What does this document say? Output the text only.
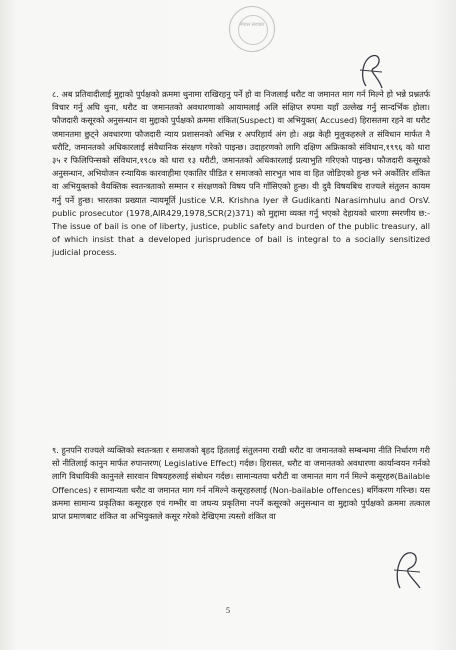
नेपाल सरकार
८. अब प्रतिवादीलाई मुद्दाको पुर्पक्षको क्रममा थुनामा राखिरहनु पर्ने हो वा निजलाई धरौट वा जमानत माग गर्न मिल्ने हो भन्ने प्रश्नतर्फ विचार गर्नु अघि थुना, धरौट वा जमानतको अवधारणाको आयामलाई अलि संक्षिप्त रुपमा यहाँ उल्लेख गर्नु सान्दर्भिक होला। फौजदारी कसूरको अनुसन्धान वा मुद्दाको पुर्पक्षको क्रममा शंकित(Suspect) वा अभियुक्त( Accused) हिरासतमा रहने वा धरौट जमानतमा छुट्ने अवधारणा फौजदारी न्याय प्रशासनको अभिन्न र अपरिहार्य अंग हो। अझ केही मुलुकहरुले त संविधान मार्फत नै धरौटि, जमानतको अधिकारलाई संवैधानिक संरक्षण गरेको पाइन्छ। उदाहरणको लागि दक्षिण अफ्रिकाको संविधान,१९९६ को धारा ३५ र फिलिपिन्सको संविधान,१९८७ को धारा १३ धरौटी, जमानतको अधिकारलाई प्रत्याभुति गरिएको पाइन्छ। फौजदारी कसूरको अनुसन्धान, अभियोजन रन्यायिक कारवाहीमा एकातिर पीडित र समाजको सारभुत भाव वा हित जोडिएको हुन्छ भने अर्कोतिर शंकित वा अभियुक्तको वैयक्तिक स्वतन्त्रताको सम्मान र संरक्षणको विषय पनि गाँसिएको हुन्छ। यी दुवै विषयबिच राज्यले संतुलन कायम गर्नु पर्ने हुन्छ। भारतका प्रख्यात न्यायमूर्ति Justice V.R. Krishna Iyer ले Gudikanti Narasimhulu and OrsV. public prosecutor (1978,AIR429,1978,SCR(2)371) को मुद्दामा व्यक्त गर्नु भएको देहायको धारणा स्मरणीय छ:-The issue of bail is one of liberty, justice, public safety and burden of the public treasury, all of which insist that a developed jurisprudence of bail is integral to a socially sensitized judicial process.
९. हुनपनि राज्यले व्यक्तिको स्वतन्त्रता र समाजको बृहद हितलाई संतुलनमा राखी धरौट वा जमानतको सम्बन्धमा नीति निर्धारण गरी सो नीतिलाई कानुन मार्फत रुपान्तरण( Legislative Effect) गर्दछ। हिरासत, धरौट वा जमानतको अवधारणा कार्यान्वयन गर्नको लागि विधायिकी कानुनले सारवान विषयहरुलाई संबोधन गर्दछ। सामान्यतया धरौटी वा जमानत माग गर्न मिल्ने कसूरहरु(Bailable Offences) र सामान्यता धरौट वा जमानत माग गर्न नमिल्ने कसूरहरुलाई (Non-bailable offences) बर्गिकरण गरिन्छ। यस क्रममा सामान्य प्रकृतिका कसूरहरु एवं गम्भीर वा जघन्य प्रकृतिमा नपर्ने कसूरको अनुसन्धान वा मुद्दाको पुर्पक्षको क्रममा तत्काल प्राप्त प्रमाणबाट शंकित वा अभियुक्तले कसूर गरेको देखिएमा त्यस्तो शंकित वा
5
